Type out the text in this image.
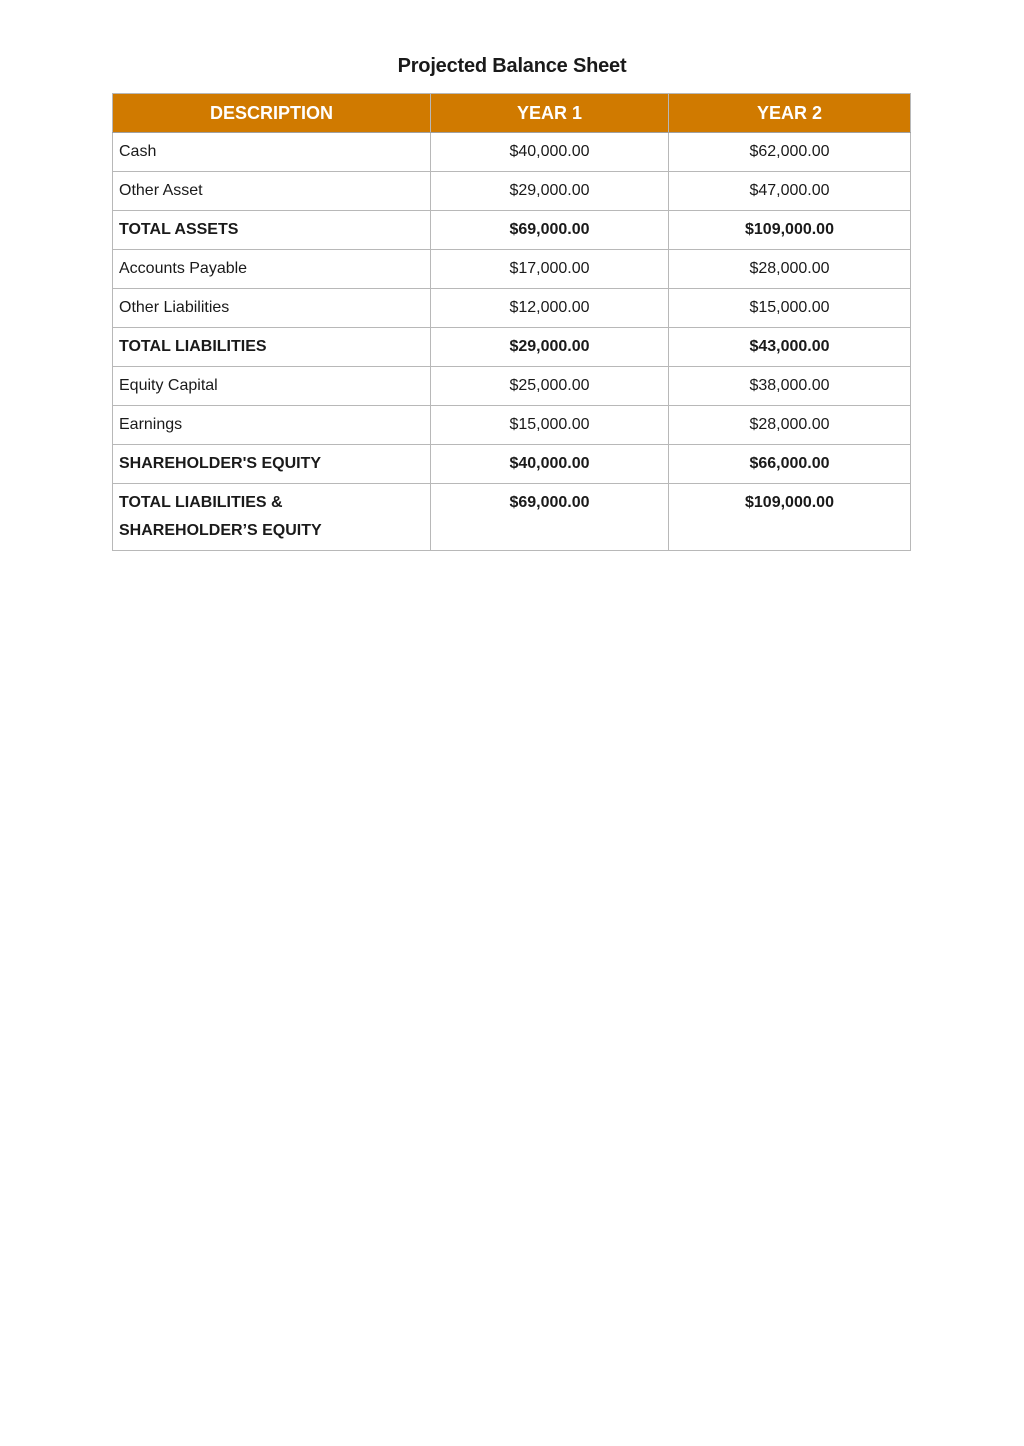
Projected Balance Sheet
DESCRIPTION	YEAR 1	YEAR 2
Cash	$40,000.00	$62,000.00
Other Asset	$29,000.00	$47,000.00
TOTAL ASSETS	$69,000.00	$109,000.00
Accounts Payable	$17,000.00	$28,000.00
Other Liabilities	$12,000.00	$15,000.00
TOTAL LIABILITIES	$29,000.00	$43,000.00
Equity Capital	$25,000.00	$38,000.00
Earnings	$15,000.00	$28,000.00
SHAREHOLDER'S EQUITY	$40,000.00	$66,000.00
TOTAL LIABILITIES & SHAREHOLDER’S EQUITY	$69,000.00	$109,000.00
